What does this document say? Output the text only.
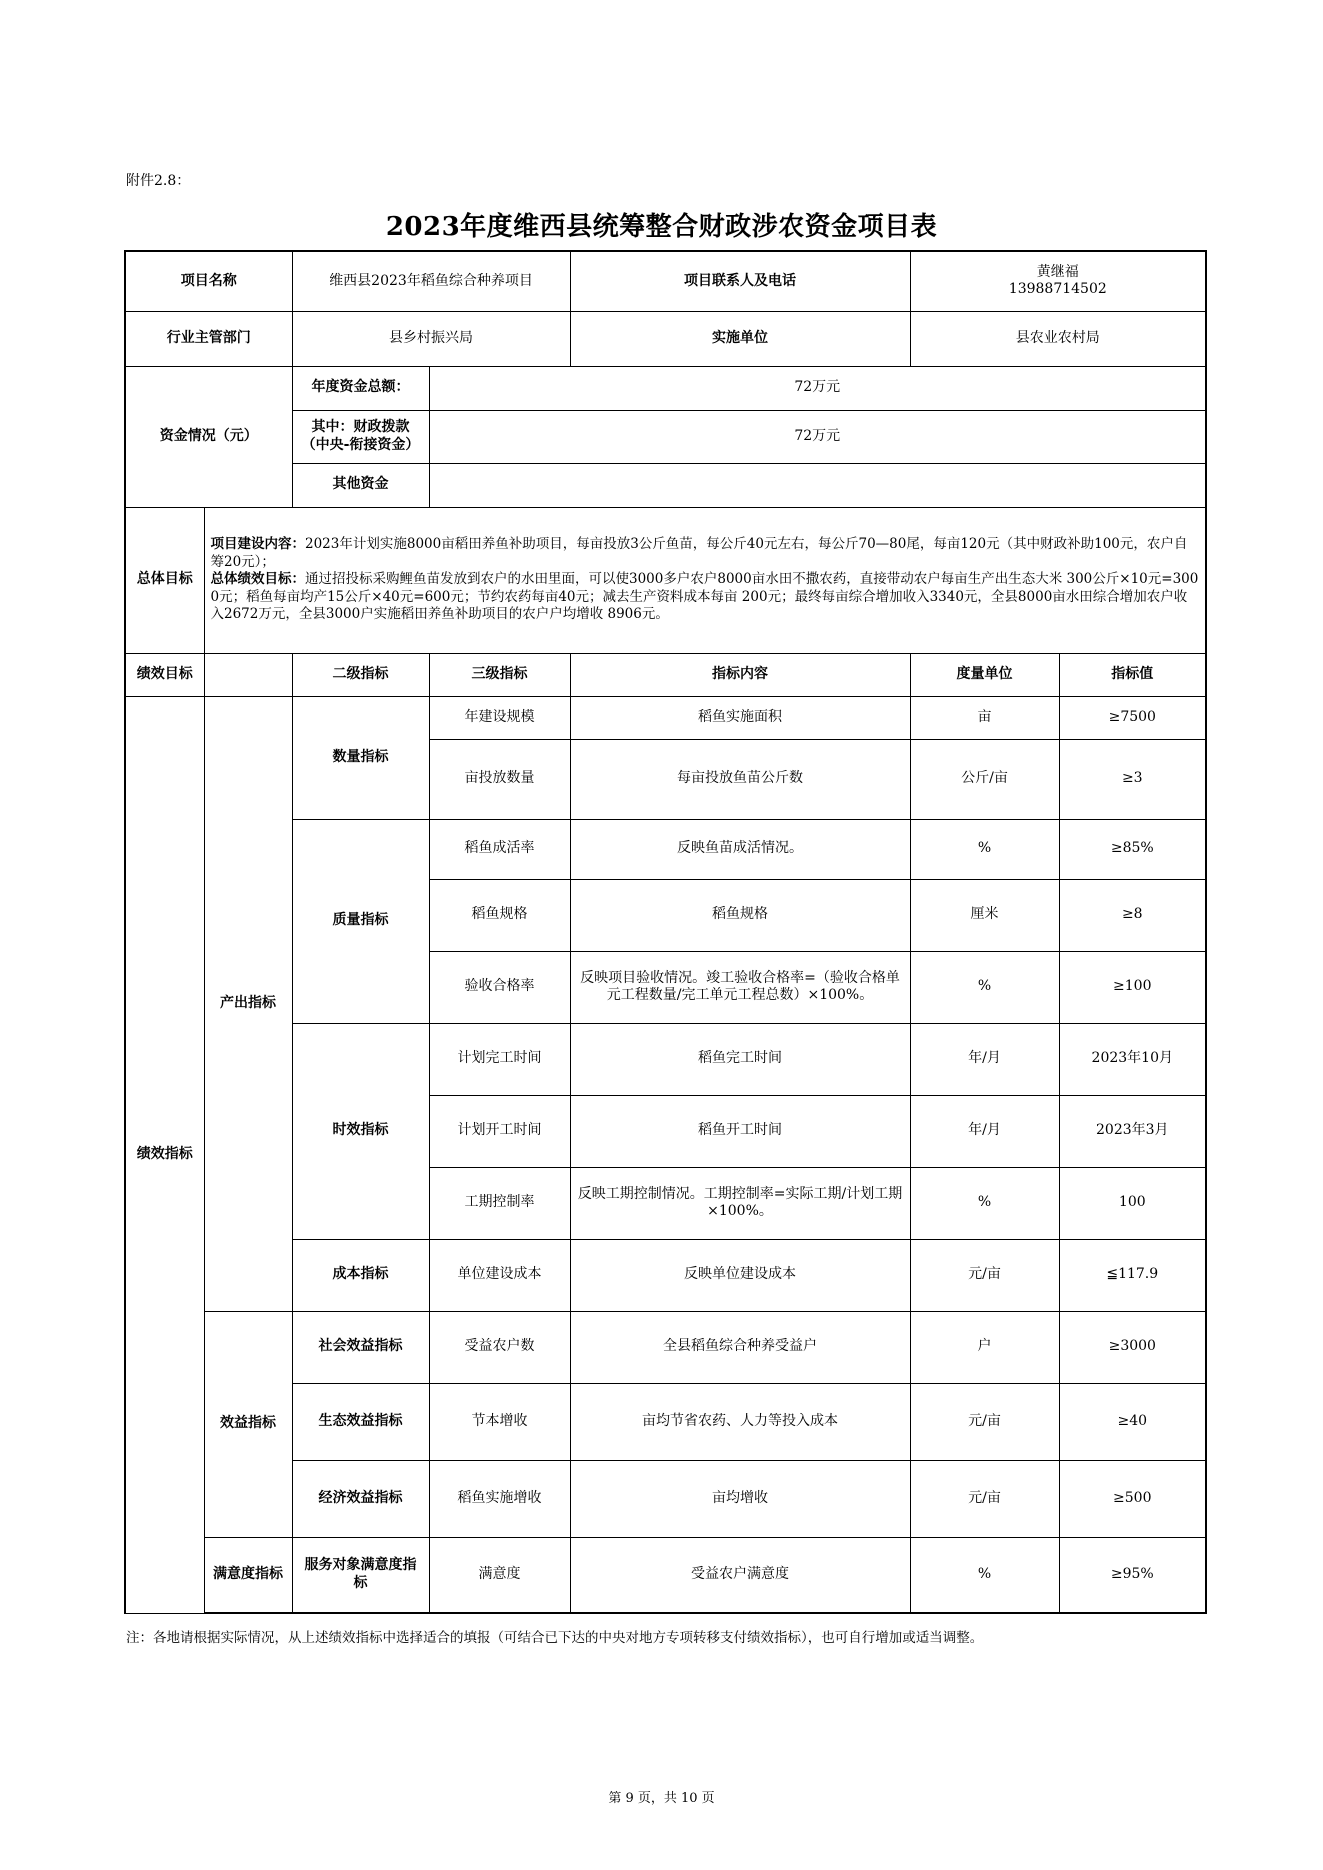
附件2.8：
2023年度维西县统筹整合财政涉农资金项目表
项目名称		维西县2023年稻鱼综合种养项目		项目联系人及电话	黄继福
13988714502	

行业主管部门		县乡村振兴局		实施单位	县农业农村局	
资金情况（元）		年度资金总额：	72万元			

		其中：财政拨款
（中央-衔接资金）	72万元			
		其他资金				
总体目标	项目建设内容：2023年计划实施8000亩稻田养鱼补助项目，每亩投放3公斤鱼苗，每公斤40元左右，每公斤70—80尾，每亩120元（其中财政补助100元，农户自筹20元）；
总体绩效目标：通过招投标采购鲤鱼苗发放到农户的水田里面，可以使3000多户农户8000亩水田不撒农药，直接带动农户每亩生产出生态大米 300公斤×10元=3000元；稻鱼每亩均产15公斤×40元=600元；节约农药每亩40元；减去生产资料成本每亩 200元；最终每亩综合增加收入3340元，全县8000亩水田综合增加农户收入2672万元，全县3000户实施稻田养鱼补助项目的农户户均增收 8906元。					

绩效目标		二级指标	三级指标	指标内容	度量单位	指标值
绩效指标	产出指标	数量指标	年建设规模	稻鱼实施面积	亩	≥7500
			亩投放数量	每亩投放鱼苗公斤数	公斤/亩	≥3
		质量指标	稻鱼成活率	反映鱼苗成活情况。	%	≥85%
			稻鱼规格	稻鱼规格	厘米	≥8
			验收合格率	反映项目验收情况。竣工验收合格率=（验收合格单元工程数量/完工单元工程总数）×100%。	%	≥100
		时效指标	计划完工时间	稻鱼完工时间	年/月	2023年10月
			计划开工时间	稻鱼开工时间	年/月	2023年3月
			工期控制率	反映工期控制情况。工期控制率=实际工期/计划工期×100%。	%	100
		成本指标	单位建设成本	反映单位建设成本	元/亩	≦117.9
	效益指标	社会效益指标	受益农户数	全县稻鱼综合种养受益户	户	≥3000
		生态效益指标	节本增收	亩均节省农药、人力等投入成本	元/亩	≥40
		经济效益指标	稻鱼实施增收	亩均增收	元/亩	≥500
	满意度指标	服务对象满意度指标	满意度	受益农户满意度	%	≥95%
注：各地请根据实际情况，从上述绩效指标中选择适合的填报（可结合已下达的中央对地方专项转移支付绩效指标），也可自行增加或适当调整。
第 9 页，共 10 页
